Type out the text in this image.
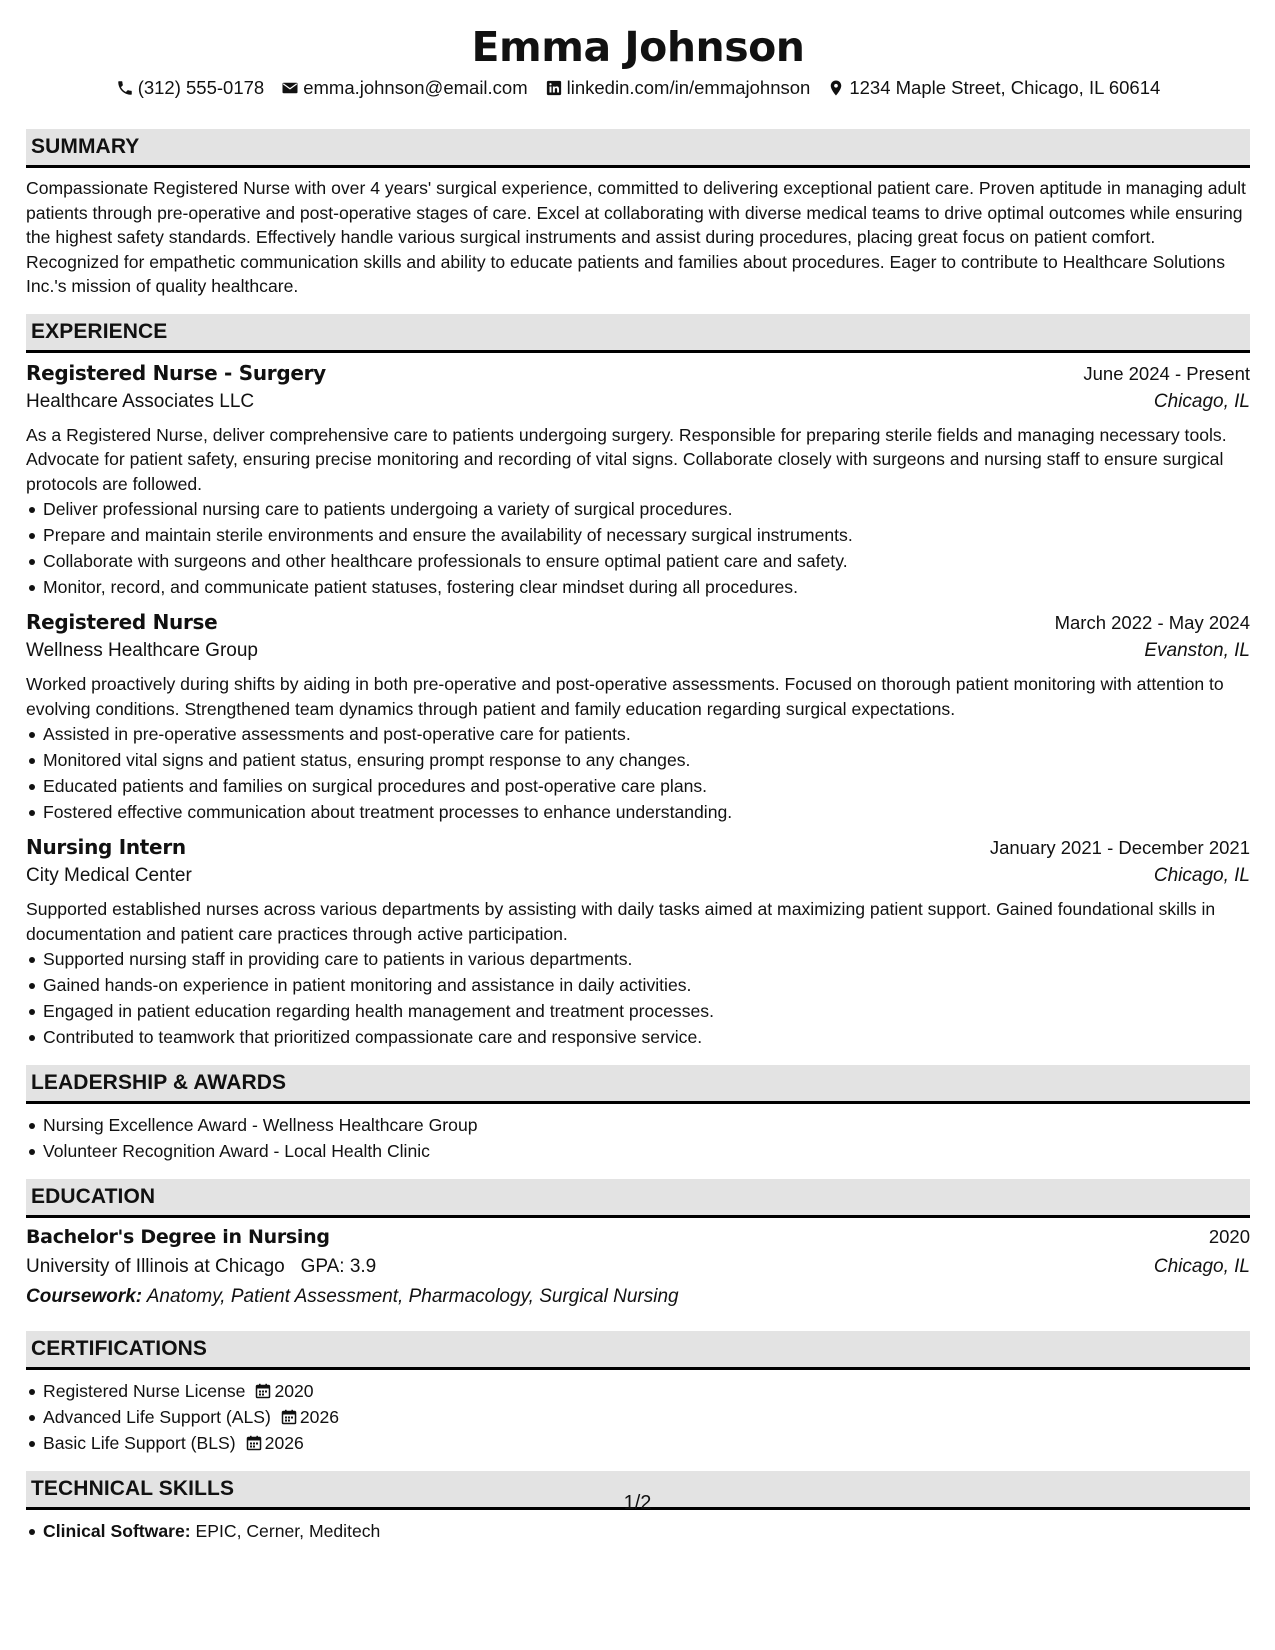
Emma Johnson
(312) 555-0178 emma.johnson@email.com linkedin.com/in/emmajohnson 1234 Maple Street, Chicago, IL 60614
SUMMARY

Compassionate Registered Nurse with over 4 years' surgical experience, committed to delivering exceptional patient care. Proven aptitude in managing adult patients through pre-operative and post-operative stages of care. Excel at collaborating with diverse medical teams to drive optimal outcomes while ensuring the highest safety standards. Effectively handle various surgical instruments and assist during procedures, placing great focus on patient comfort. Recognized for empathetic communication skills and ability to educate patients and families about procedures. Eager to contribute to Healthcare Solutions Inc.'s mission of quality healthcare.

EXPERIENCE
Registered Nurse - Surgery	June 2024 - Present
Healthcare Associates LLC	Chicago, IL

As a Registered Nurse, deliver comprehensive care to patients undergoing surgery. Responsible for preparing sterile fields and managing necessary tools. Advocate for patient safety, ensuring precise monitoring and recording of vital signs. Collaborate closely with surgeons and nursing staff to ensure surgical protocols are followed.

Deliver professional nursing care to patients undergoing a variety of surgical procedures.
Prepare and maintain sterile environments and ensure the availability of necessary surgical instruments.
Collaborate with surgeons and other healthcare professionals to ensure optimal patient care and safety.
Monitor, record, and communicate patient statuses, fostering clear mindset during all procedures.
Registered Nurse	March 2022 - May 2024
Wellness Healthcare Group	Evanston, IL

Worked proactively during shifts by aiding in both pre-operative and post-operative assessments. Focused on thorough patient monitoring with attention to evolving conditions. Strengthened team dynamics through patient and family education regarding surgical expectations.

Assisted in pre-operative assessments and post-operative care for patients.
Monitored vital signs and patient status, ensuring prompt response to any changes.
Educated patients and families on surgical procedures and post-operative care plans.
Fostered effective communication about treatment processes to enhance understanding.
Nursing Intern	January 2021 - December 2021
City Medical Center	Chicago, IL

Supported established nurses across various departments by assisting with daily tasks aimed at maximizing patient support. Gained foundational skills in documentation and patient care practices through active participation.

Supported nursing staff in providing care to patients in various departments.
Gained hands-on experience in patient monitoring and assistance in daily activities.
Engaged in patient education regarding health management and treatment processes.
Contributed to teamwork that prioritized compassionate care and responsive service.
LEADERSHIP & AWARDS
Nursing Excellence Award - Wellness Healthcare Group
Volunteer Recognition Award - Local Health Clinic
EDUCATION
Bachelor's Degree in Nursing	2020
University of Illinois at Chicago GPA: 3.9	Chicago, IL
Coursework: Anatomy, Patient Assessment, Pharmacology, Surgical Nursing
CERTIFICATIONS
Registered Nurse License 2020
Advanced Life Support (ALS) 2026
Basic Life Support (BLS) 2026
TECHNICAL SKILLS
Clinical Software: EPIC, Cerner, Meditech
1/2
